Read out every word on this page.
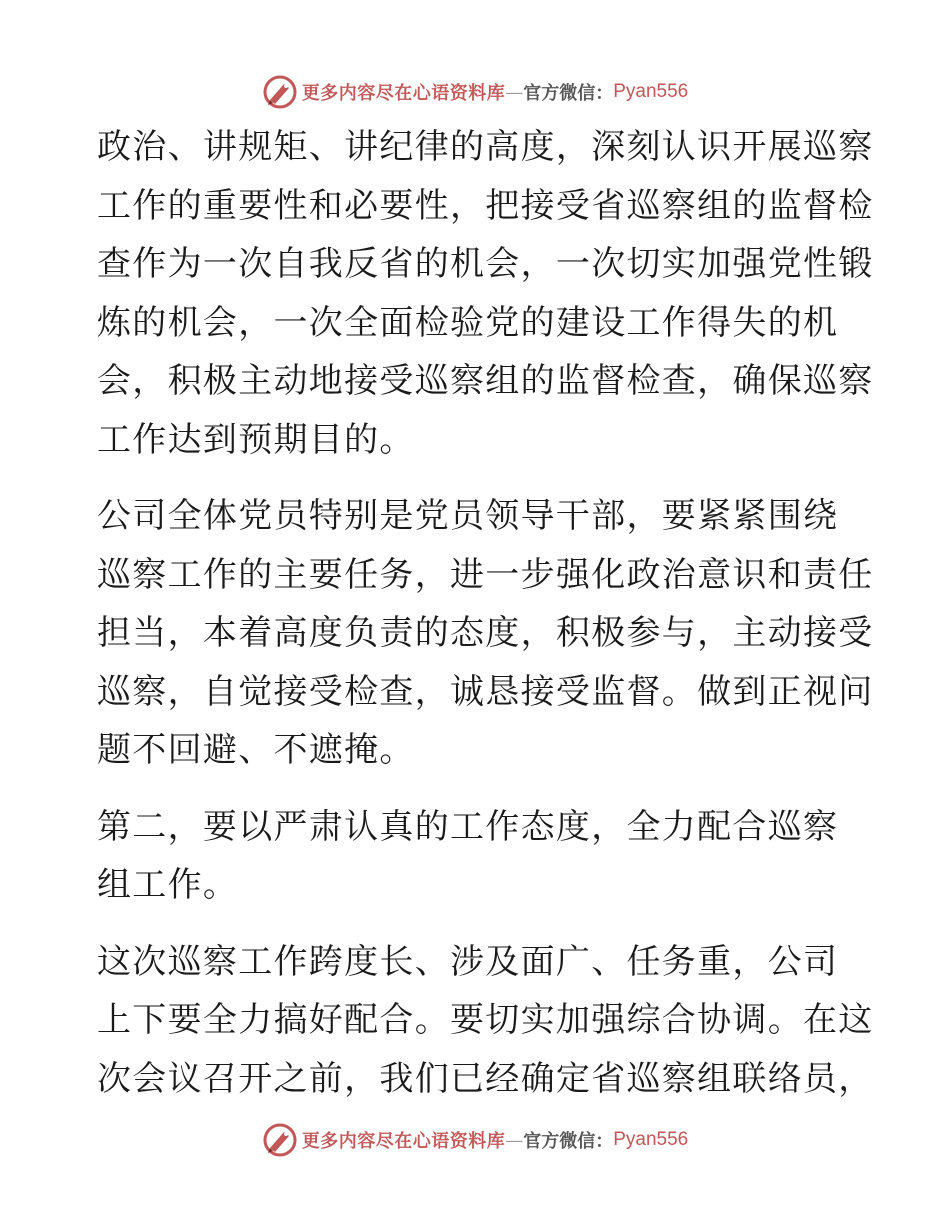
更多内容尽在心语资料库 — 官方微信： Pyan556
政治、讲规矩、讲纪律的高度，深刻认识开展巡察
工作的重要性和必要性，把接受省巡察组的监督检
查作为一次自我反省的机会，一次切实加强党性锻
炼的机会，一次全面检验党的建设工作得失的机
会，积极主动地接受巡察组的监督检查，确保巡察
工作达到预期目的。
公司全体党员特别是党员领导干部，要紧紧围绕
巡察工作的主要任务，进一步强化政治意识和责任
担当，本着高度负责的态度，积极参与，主动接受
巡察，自觉接受检查，诚恳接受监督。做到正视问
题不回避、不遮掩。
第二，要以严肃认真的工作态度，全力配合巡察
组工作。
这次巡察工作跨度长、涉及面广、任务重，公司
上下要全力搞好配合。要切实加强综合协调。在这
次会议召开之前，我们已经确定省巡察组联络员，
更多内容尽在心语资料库 — 官方微信： Pyan556
